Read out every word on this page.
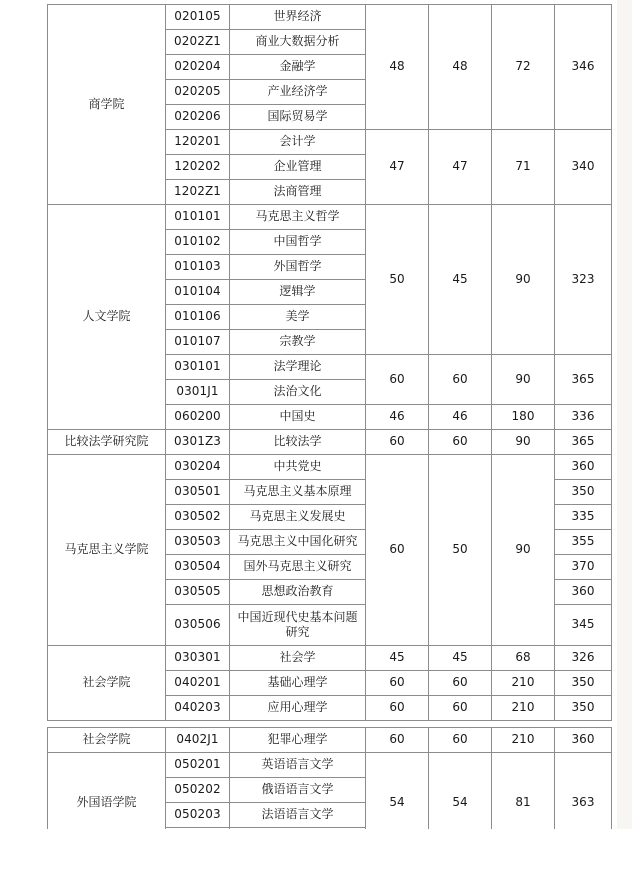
商学院	020105	世界经济	48	48	72	346
	0202Z1	商业大数据分析				
	020204	金融学				
	020205	产业经济学				
	020206	国际贸易学				
	120201	会计学	47	47	71	340
	120202	企业管理				
	1202Z1	法商管理				
人文学院	010101	马克思主义哲学	50	45	90	323
	010102	中国哲学				
	010103	外国哲学				
	010104	逻辑学				
	010106	美学				
	010107	宗教学				
	030101	法学理论	60	60	90	365
	0301J1	法治文化				
	060200	中国史	46	46	180	336
比较法学研究院	0301Z3	比较法学	60	60	90	365
马克思主义学院	030204	中共党史	60	50	90	360
	030501	马克思主义基本原理				350
	030502	马克思主义发展史				335
	030503	马克思主义中国化研究				355
	030504	国外马克思主义研究				370
	030505	思想政治教育				360
	030506	中国近现代史基本问题研究				345
社会学院	030301	社会学	45	45	68	326
	040201	基础心理学	60	60	210	350
	040203	应用心理学	60	60	210	350
社会学院	0402J1	犯罪心理学	60	60	210	360
外国语学院	050201	英语语言文学	54	54	81	363
	050202	俄语语言文学				
	050203	法语语言文学				
